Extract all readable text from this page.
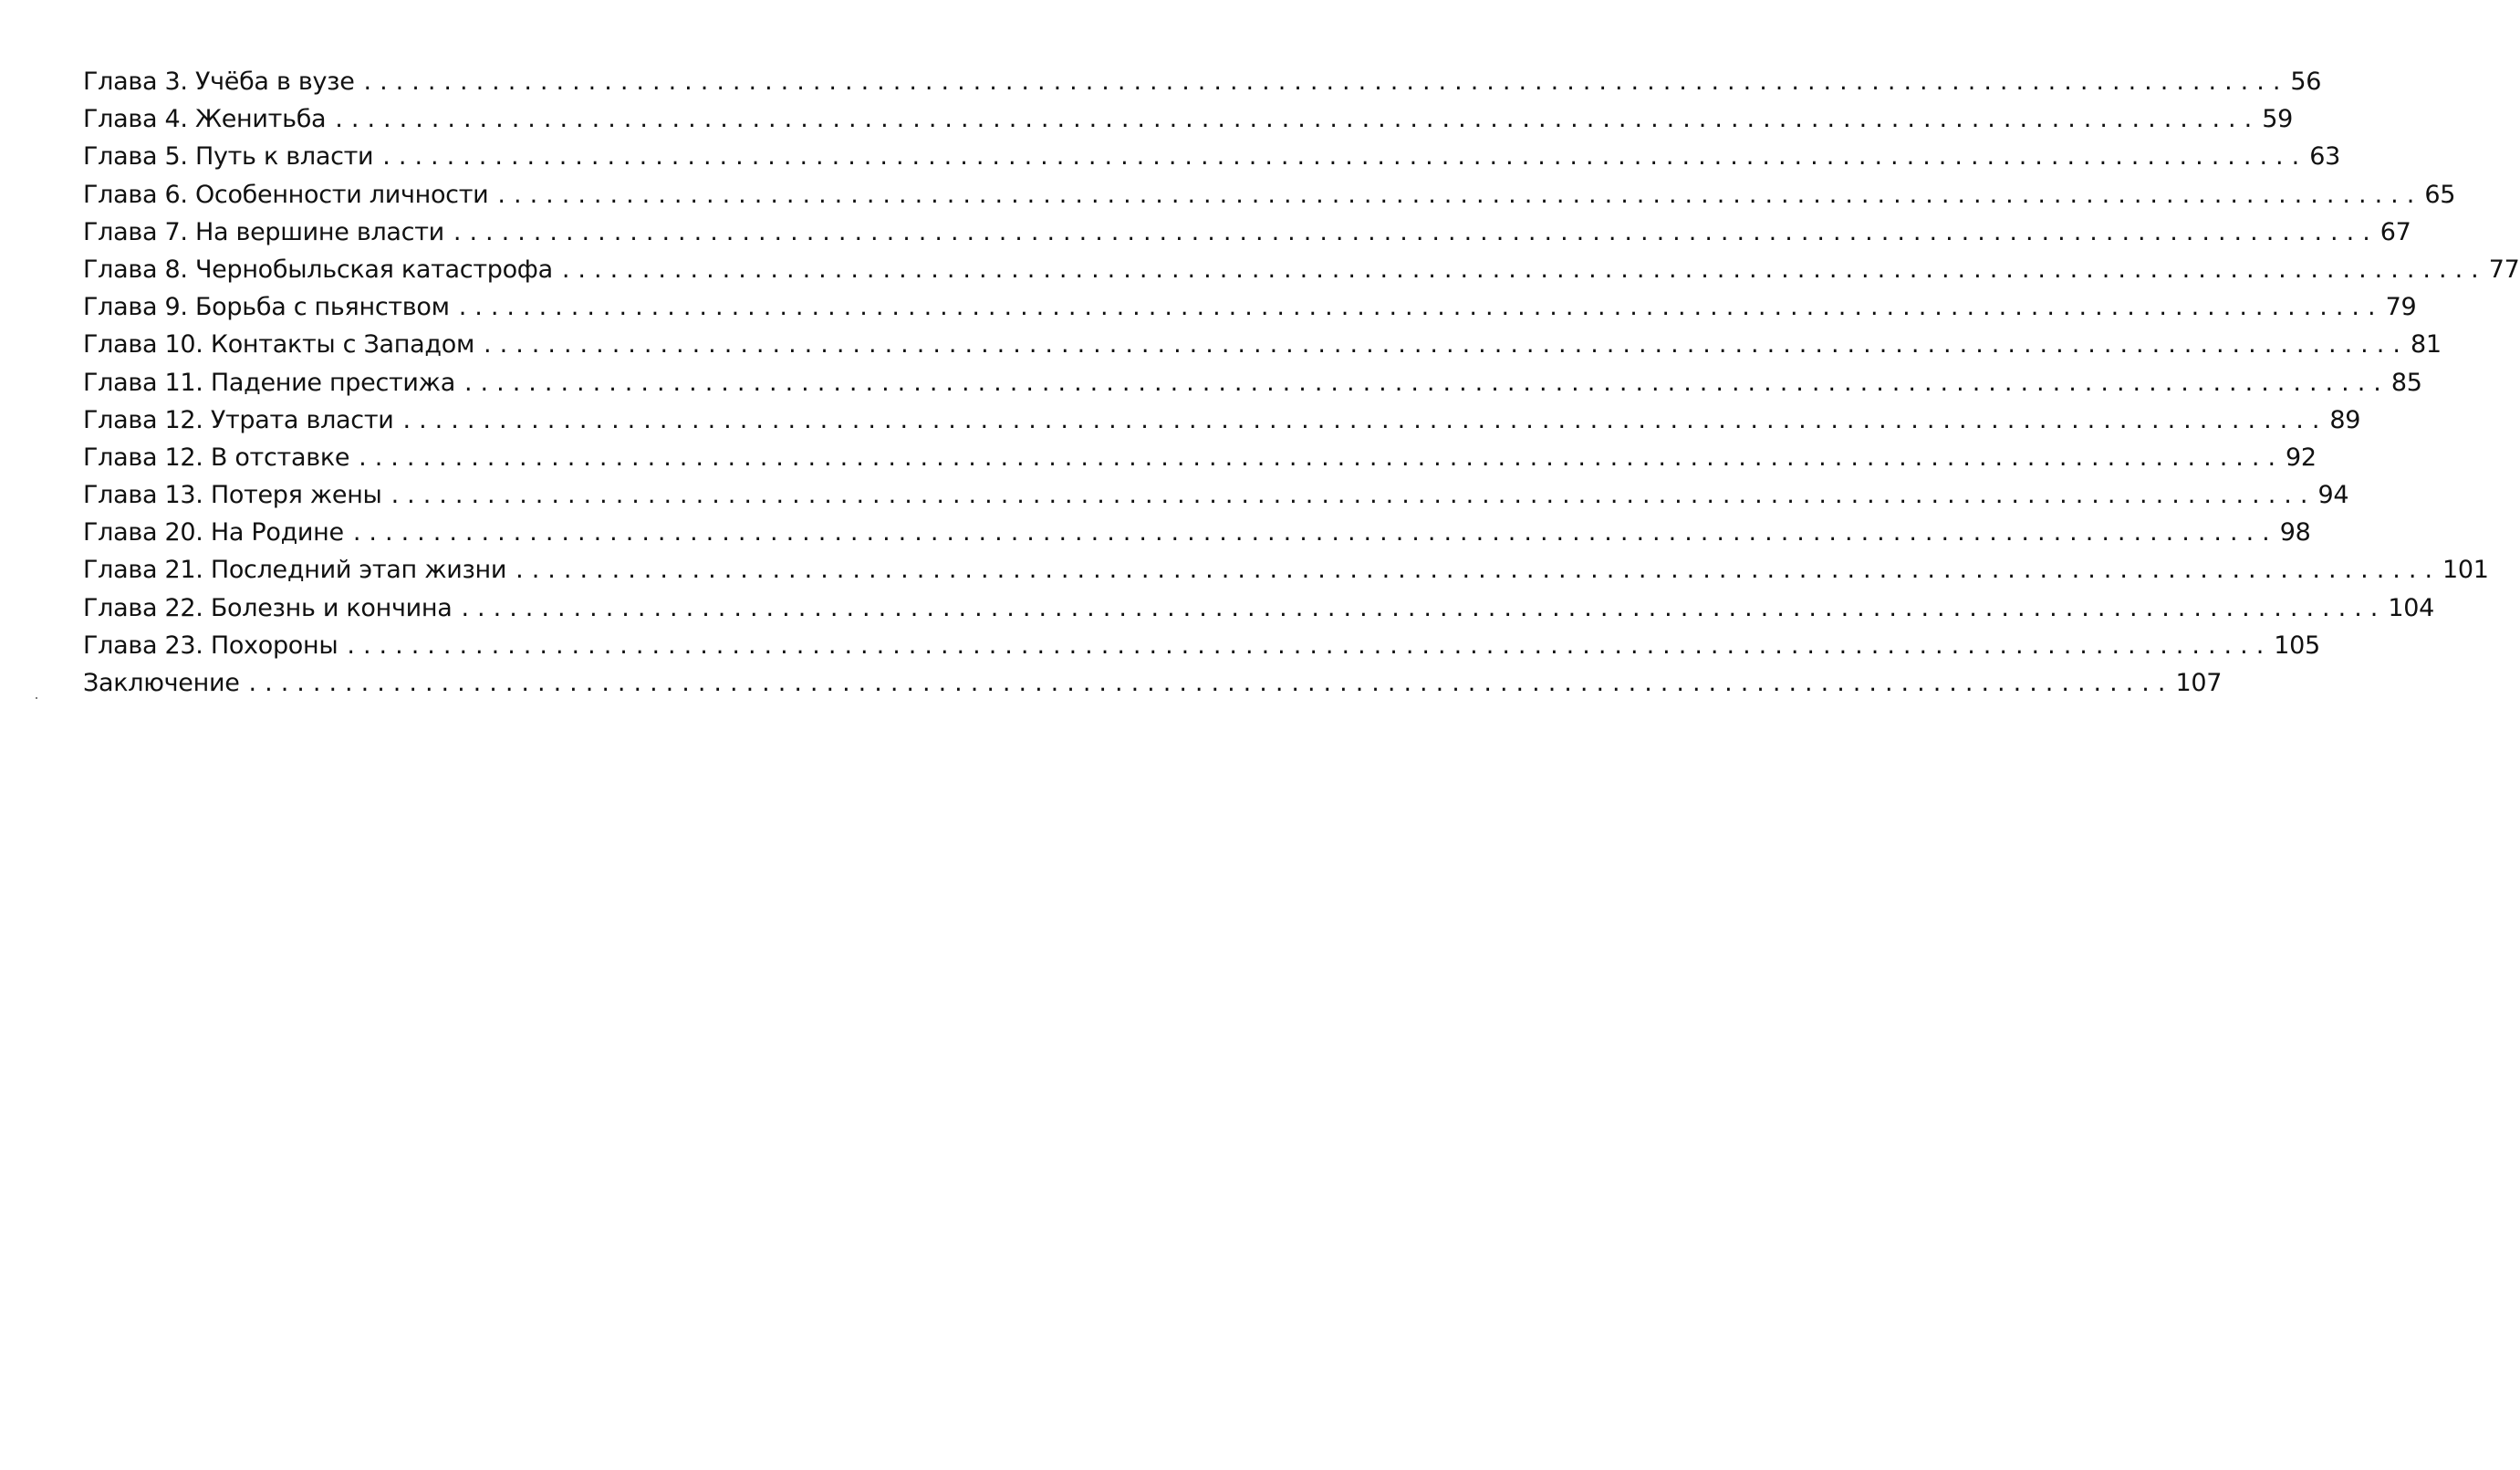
Глава 3. Учёба в вузе ........................................................................................................................ 56
Глава 4. Женитьба ........................................................................................................................ 59
Глава 5. Путь к власти ........................................................................................................................ 63
Глава 6. Особенности личности ........................................................................................................................ 65
Глава 7. На вершине власти ........................................................................................................................ 67
Глава 8. Чернобыльская катастрофа ........................................................................................................................ 77
Глава 9. Борьба с пьянством ........................................................................................................................ 79
Глава 10. Контакты с Западом ........................................................................................................................ 81
Глава 11. Падение престижа ........................................................................................................................ 85
Глава 12. Утрата власти ........................................................................................................................ 89
Глава 12. В отставке ........................................................................................................................ 92
Глава 13. Потеря жены ........................................................................................................................ 94
Глава 20. На Родине ........................................................................................................................ 98
Глава 21. Последний этап жизни ........................................................................................................................ 101
Глава 22. Болезнь и кончина ........................................................................................................................ 104
Глава 23. Похороны ........................................................................................................................ 105
Заключение ........................................................................................................................ 107
